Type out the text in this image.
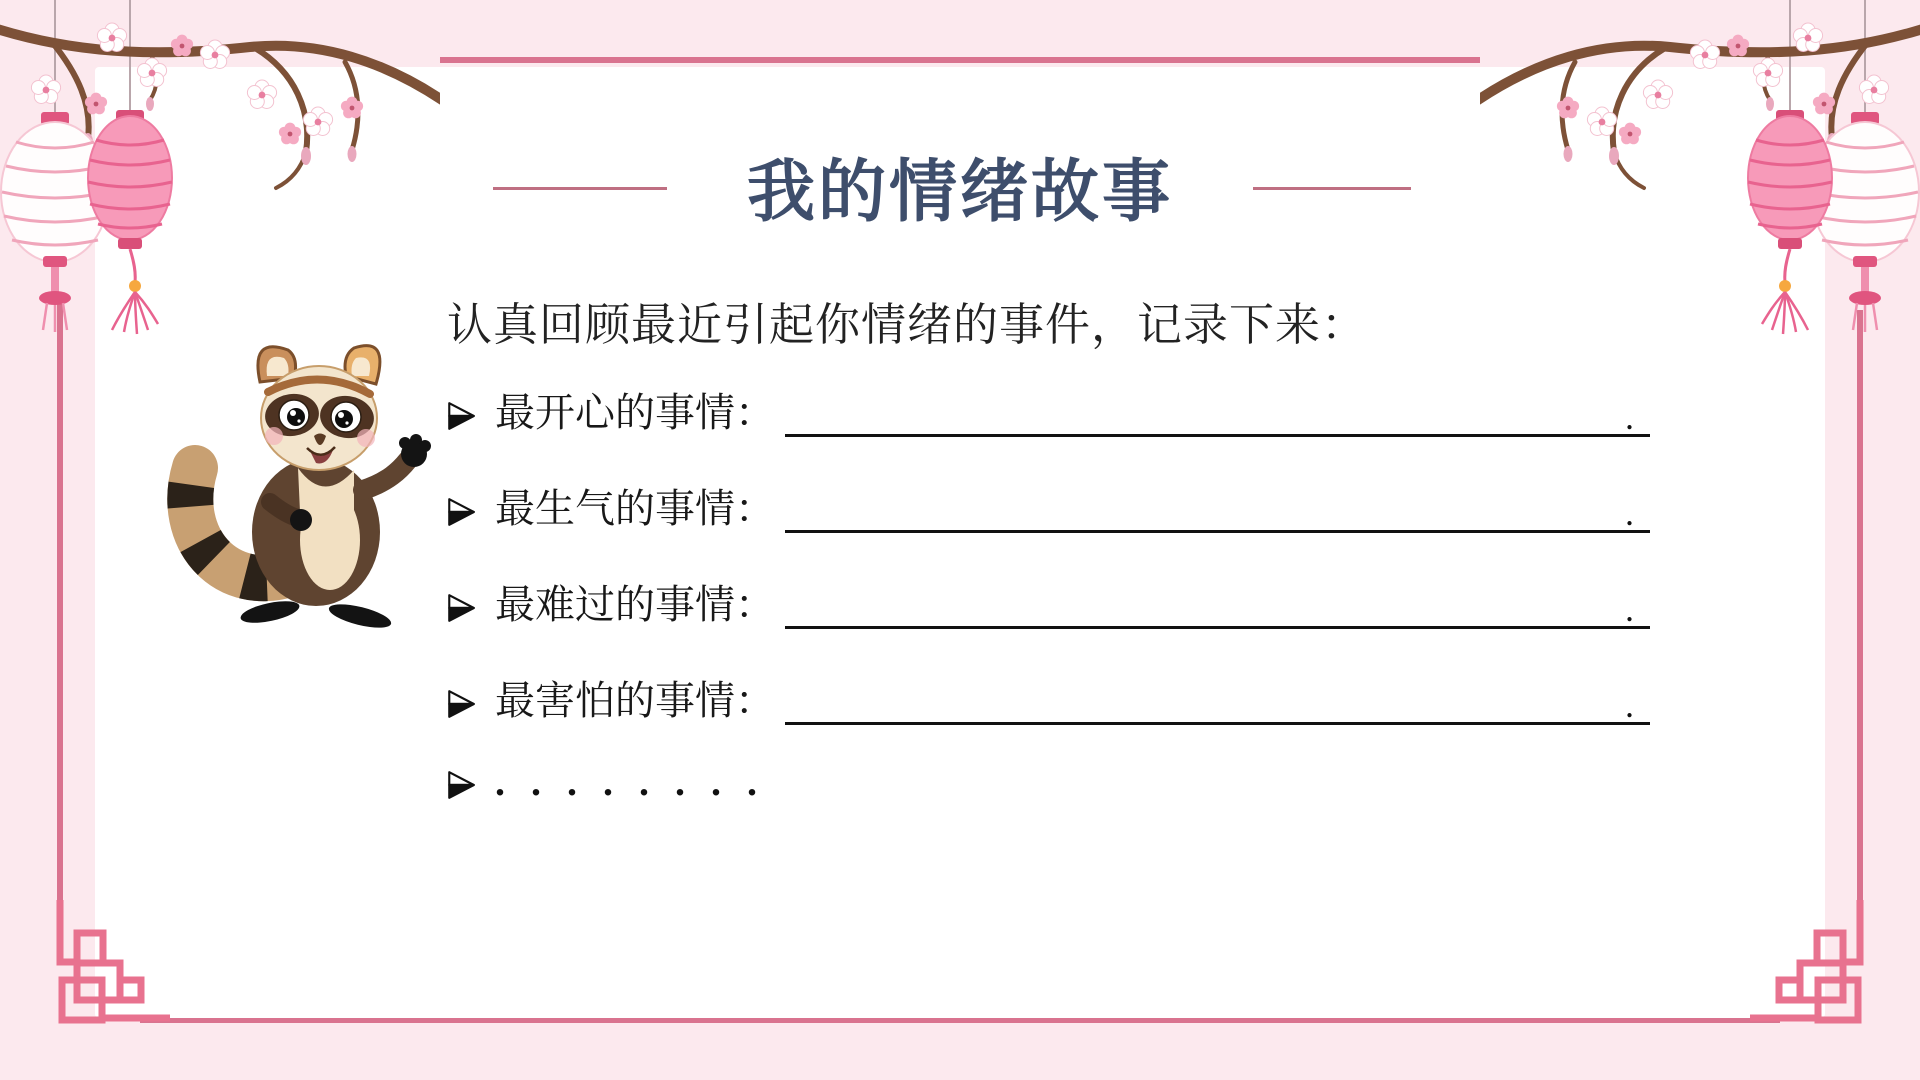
我的情绪故事
认真回顾最近引起你情绪的事件，记录下来：
最开心的事情：	.
最生气的事情：	.
最难过的事情：	.
最害怕的事情：	.
. . . . . . . .
